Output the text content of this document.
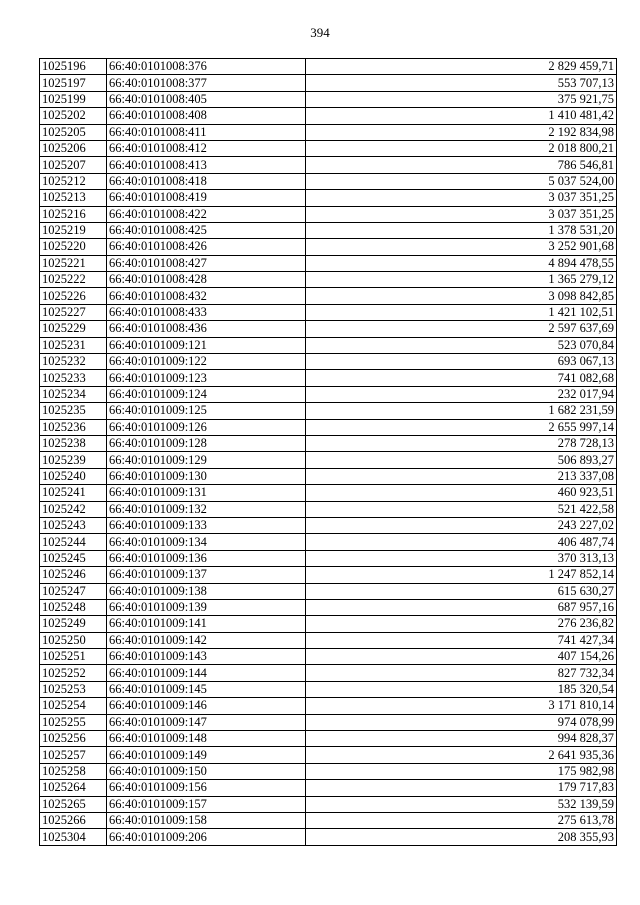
394
1025196	66:40:0101008:376	2 829 459,71
1025197	66:40:0101008:377	553 707,13
1025199	66:40:0101008:405	375 921,75
1025202	66:40:0101008:408	1 410 481,42
1025205	66:40:0101008:411	2 192 834,98
1025206	66:40:0101008:412	2 018 800,21
1025207	66:40:0101008:413	786 546,81
1025212	66:40:0101008:418	5 037 524,00
1025213	66:40:0101008:419	3 037 351,25
1025216	66:40:0101008:422	3 037 351,25
1025219	66:40:0101008:425	1 378 531,20
1025220	66:40:0101008:426	3 252 901,68
1025221	66:40:0101008:427	4 894 478,55
1025222	66:40:0101008:428	1 365 279,12
1025226	66:40:0101008:432	3 098 842,85
1025227	66:40:0101008:433	1 421 102,51
1025229	66:40:0101008:436	2 597 637,69
1025231	66:40:0101009:121	523 070,84
1025232	66:40:0101009:122	693 067,13
1025233	66:40:0101009:123	741 082,68
1025234	66:40:0101009:124	232 017,94
1025235	66:40:0101009:125	1 682 231,59
1025236	66:40:0101009:126	2 655 997,14
1025238	66:40:0101009:128	278 728,13
1025239	66:40:0101009:129	506 893,27
1025240	66:40:0101009:130	213 337,08
1025241	66:40:0101009:131	460 923,51
1025242	66:40:0101009:132	521 422,58
1025243	66:40:0101009:133	243 227,02
1025244	66:40:0101009:134	406 487,74
1025245	66:40:0101009:136	370 313,13
1025246	66:40:0101009:137	1 247 852,14
1025247	66:40:0101009:138	615 630,27
1025248	66:40:0101009:139	687 957,16
1025249	66:40:0101009:141	276 236,82
1025250	66:40:0101009:142	741 427,34
1025251	66:40:0101009:143	407 154,26
1025252	66:40:0101009:144	827 732,34
1025253	66:40:0101009:145	185 320,54
1025254	66:40:0101009:146	3 171 810,14
1025255	66:40:0101009:147	974 078,99
1025256	66:40:0101009:148	994 828,37
1025257	66:40:0101009:149	2 641 935,36
1025258	66:40:0101009:150	175 982,98
1025264	66:40:0101009:156	179 717,83
1025265	66:40:0101009:157	532 139,59
1025266	66:40:0101009:158	275 613,78
1025304	66:40:0101009:206	208 355,93
